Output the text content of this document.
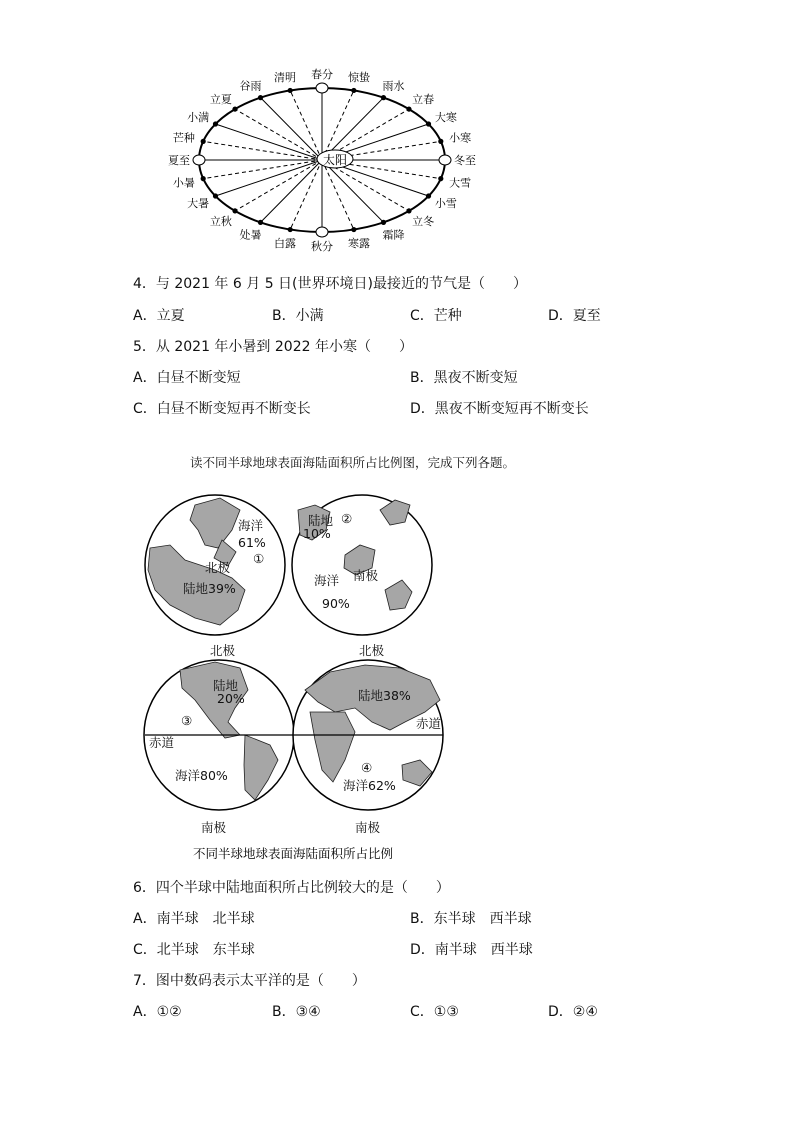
春分 惊蛰
雨水
立春
大寒
小寒
冬至
大雪
小雪
立冬
霜降
寒露
秋分
白露
处暑
立秋
大暑
小暑
夏至
芒种
小满
立夏
谷雨
清明
太阳
4．与 2021 年 6 月 5 日(世界环境日)最接近的节气是（　　）
A．立夏	B．小满	C．芒种	D．夏至
5．从 2021 年小暑到 2022 年小寒（　　）
A．白昼不断变短	B．黑夜不断变短
C．白昼不断变短再不断变长	D．黑夜不断变短再不断变长
读不同半球地球表面海陆面积所占比例图，完成下列各题。
海洋
61%
①
北极
陆地39%
陆地
10%
②
南极
海洋
90%
北极
陆地
20%
③
赤道
海洋80%
南极
北极
陆地38%
赤道
④
海洋62%
南极
不同半球地球表面海陆面积所占比例
6．四个半球中陆地面积所占比例较大的是（　　）
A．南半球　北半球	B．东半球　西半球
C．北半球　东半球	D．南半球　西半球
7．图中数码表示太平洋的是（　　）
A．①②	B．③④	C．①③	D．②④
